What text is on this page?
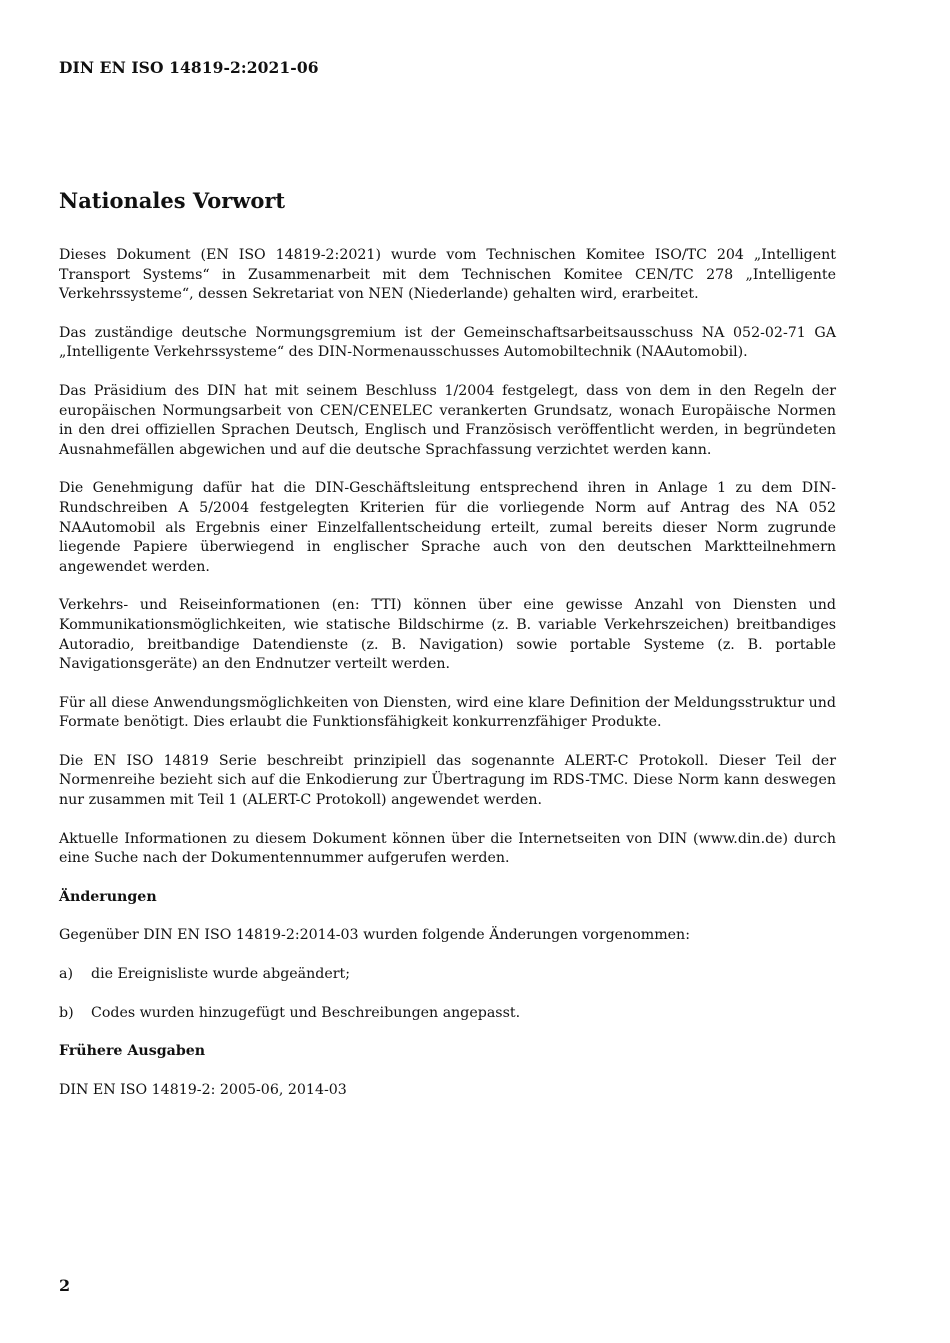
DIN EN ISO 14819-2:2021-06
Nationales Vorwort

Dieses Dokument (EN ISO 14819-2:2021) wurde vom Technischen Komitee ISO/TC 204 „Intelligent Transport Systems“ in Zusammenarbeit mit dem Technischen Komitee CEN/TC 278 „Intelligente Verkehrssysteme“, dessen Sekretariat von NEN (Niederlande) gehalten wird, erarbeitet.

Das zuständige deutsche Normungsgremium ist der Gemeinschaftsarbeitsausschuss NA 052-02-71 GA „Intelligente Verkehrssysteme“ des DIN-Normenausschusses Automobiltechnik (NAAutomobil).

Das Präsidium des DIN hat mit seinem Beschluss 1/2004 festgelegt, dass von dem in den Regeln der europäischen Normungsarbeit von CEN/CENELEC verankerten Grundsatz, wonach Europäische Normen in den drei offiziellen Sprachen Deutsch, Englisch und Französisch veröffentlicht werden, in begründeten Ausnahmefällen abgewichen und auf die deutsche Sprachfassung verzichtet werden kann.

Die Genehmigung dafür hat die DIN-Geschäftsleitung entsprechend ihren in Anlage 1 zu dem DIN-Rundschreiben A 5/2004 festgelegten Kriterien für die vorliegende Norm auf Antrag des NA 052 NAAutomobil als Ergebnis einer Einzelfallentscheidung erteilt, zumal bereits dieser Norm zugrunde liegende Papiere überwiegend in englischer Sprache auch von den deutschen Marktteilnehmern angewendet werden.

Verkehrs- und Reiseinformationen (en: TTI) können über eine gewisse Anzahl von Diensten und Kommunikationsmöglichkeiten, wie statische Bildschirme (z. B. variable Verkehrszeichen) breitbandiges Autoradio, breitbandige Datendienste (z. B. Navigation) sowie portable Systeme (z. B. portable Navigationsgeräte) an den Endnutzer verteilt werden.

Für all diese Anwendungsmöglichkeiten von Diensten, wird eine klare Definition der Meldungsstruktur und Formate benötigt. Dies erlaubt die Funktionsfähigkeit konkurrenzfähiger Produkte.

Die EN ISO 14819 Serie beschreibt prinzipiell das sogenannte ALERT-C Protokoll. Dieser Teil der Normenreihe bezieht sich auf die Enkodierung zur Übertragung im RDS-TMC. Diese Norm kann deswegen nur zusammen mit Teil 1 (ALERT-C Protokoll) angewendet werden.

Aktuelle Informationen zu diesem Dokument können über die Internetseiten von DIN (www.din.de) durch eine Suche nach der Dokumentennummer aufgerufen werden.

Änderungen

Gegenüber DIN EN ISO 14819-2:2014-03 wurden folgende Änderungen vorgenommen:

a)	die Ereignisliste wurde abgeändert;
b)	Codes wurden hinzugefügt und Beschreibungen angepasst.
Frühere Ausgaben

DIN EN ISO 14819-2: 2005-06, 2014-03

2
